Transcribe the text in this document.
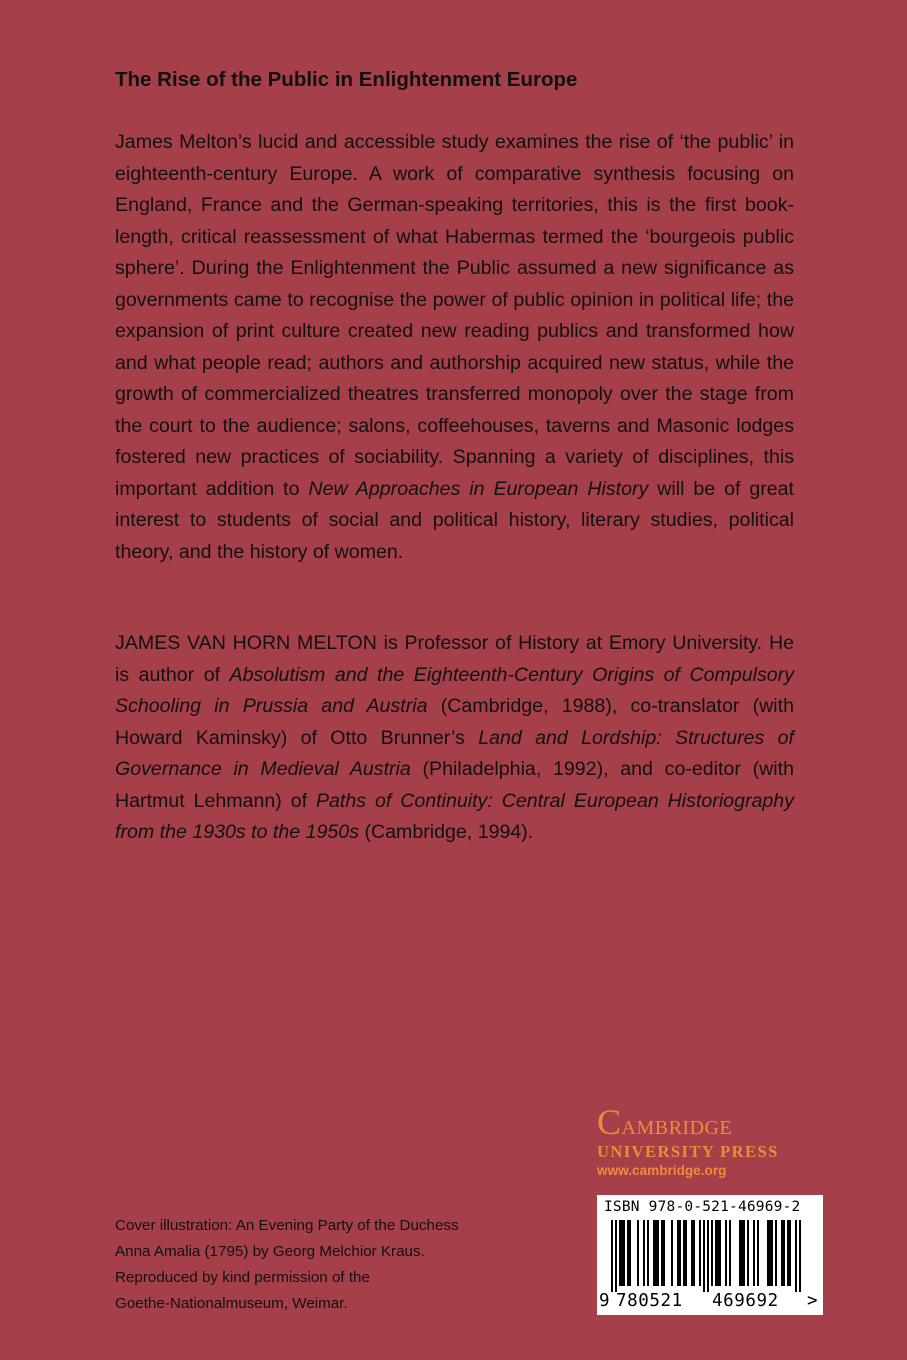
The Rise of the Public in Enlightenment Europe

James Melton’s lucid and accessible study examines the rise of ‘the public’ in eighteenth-century Europe. A work of comparative synthesis focusing on England, France and the German-speaking territories, this is the first book-length, critical reassessment of what Habermas termed the ‘bourgeois public sphere’. During the Enlightenment the Public assumed a new significance as governments came to recognise the power of public opinion in political life; the expansion of print culture created new reading publics and transformed how and what people read; authors and authorship acquired new status, while the growth of commercialized theatres transferred monopoly over the stage from the court to the audience; salons, coffeehouses, taverns and Masonic lodges fostered new practices of sociability. Spanning a variety of disciplines, this important addition to New Approaches in European History will be of great interest to students of social and political history, literary studies, political theory, and the history of women.

JAMES VAN HORN MELTON is Professor of History at Emory University. He is author of Absolutism and the Eighteenth-Century Origins of Compulsory Schooling in Prussia and Austria (Cambridge, 1988), co-translator (with Howard Kaminsky) of Otto Brunner’s Land and Lordship: Structures of Governance in Medieval Austria (Philadelphia, 1992), and co-editor (with Hartmut Lehmann) of Paths of Continuity: Central European Historiography from the 1930s to the 1950s (Cambridge, 1994).

Cambridge
UNIVERSITY PRESS
www.cambridge.org
ISBN 978-0-521-46969-2
9 780521 469692 >

Cover illustration: An Evening Party of the Duchess
Anna Amalia (1795) by Georg Melchior Kraus.
Reproduced by kind permission of the
Goethe-Nationalmuseum, Weimar.
